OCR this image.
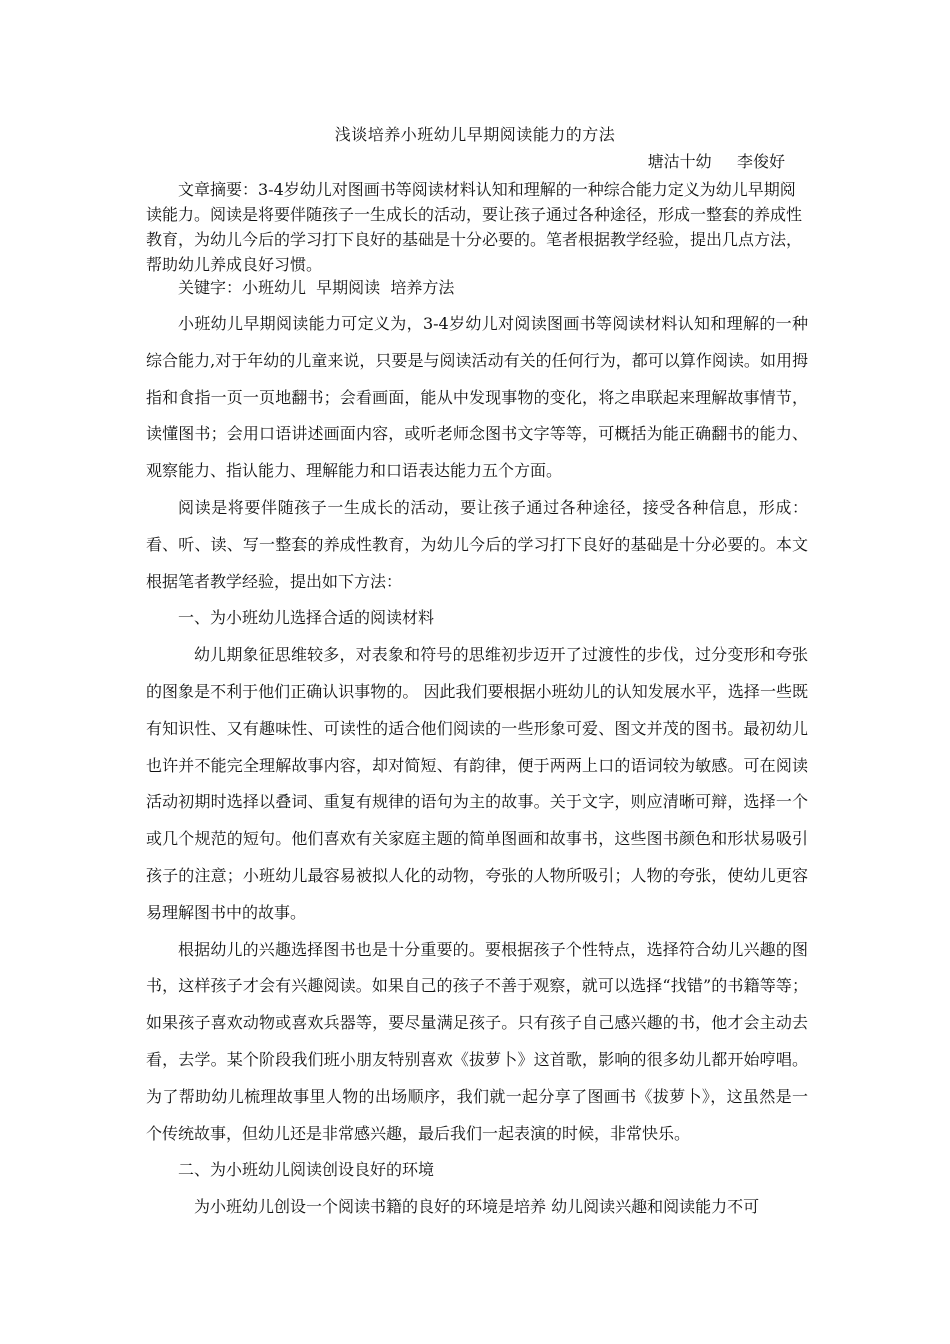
浅谈培养小班幼儿早期阅读能力的方法
塘沽十幼     李俊好

文章摘要：3-4岁幼儿对图画书等阅读材料认知和理解的一种综合能力定义为幼儿早期阅读能力。阅读是将要伴随孩子一生成长的活动，要让孩子通过各种途径，形成一整套的养成性教育，为幼儿今后的学习打下良好的基础是十分必要的。笔者根据教学经验，提出几点方法，帮助幼儿养成良好习惯。

关键字：小班幼儿  早期阅读  培养方法

小班幼儿早期阅读能力可定义为，3-4岁幼儿对阅读图画书等阅读材料认知和理解的一种综合能力,对于年幼的儿童来说，只要是与阅读活动有关的任何行为，都可以算作阅读。如用拇指和食指一页一页地翻书；会看画面，能从中发现事物的变化，将之串联起来理解故事情节，读懂图书；会用口语讲述画面内容，或听老师念图书文字等等，可概括为能正确翻书的能力、观察能力、指认能力、理解能力和口语表达能力五个方面。

阅读是将要伴随孩子一生成长的活动，要让孩子通过各种途径，接受各种信息，形成：看、听、读、写一整套的养成性教育，为幼儿今后的学习打下良好的基础是十分必要的。本文根据笔者教学经验，提出如下方法：

一、为小班幼儿选择合适的阅读材料

幼儿期象征思维较多，对表象和符号的思维初步迈开了过渡性的步伐，过分变形和夸张的图象是不利于他们正确认识事物的。 因此我们要根据小班幼儿的认知发展水平，选择一些既有知识性、又有趣味性、可读性的适合他们阅读的一些形象可爱、图文并茂的图书。最初幼儿也许并不能完全理解故事内容，却对简短、有韵律，便于两两上口的语词较为敏感。可在阅读活动初期时选择以叠词、重复有规律的语句为主的故事。关于文字，则应清晰可辩，选择一个或几个规范的短句。他们喜欢有关家庭主题的简单图画和故事书，这些图书颜色和形状易吸引孩子的注意；小班幼儿最容易被拟人化的动物，夸张的人物所吸引；人物的夸张，使幼儿更容易理解图书中的故事。

根据幼儿的兴趣选择图书也是十分重要的。要根据孩子个性特点，选择符合幼儿兴趣的图书，这样孩子才会有兴趣阅读。如果自己的孩子不善于观察，就可以选择“找错”的书籍等等；如果孩子喜欢动物或喜欢兵器等，要尽量满足孩子。只有孩子自己感兴趣的书，他才会主动去看，去学。某个阶段我们班小朋友特别喜欢《拔萝卜》这首歌，影响的很多幼儿都开始哼唱。为了帮助幼儿梳理故事里人物的出场顺序，我们就一起分享了图画书《拔萝卜》，这虽然是一个传统故事，但幼儿还是非常感兴趣，最后我们一起表演的时候，非常快乐。

二、为小班幼儿阅读创设良好的环境

为小班幼儿创设一个阅读书籍的良好的环境是培养 幼儿阅读兴趣和阅读能力不可
